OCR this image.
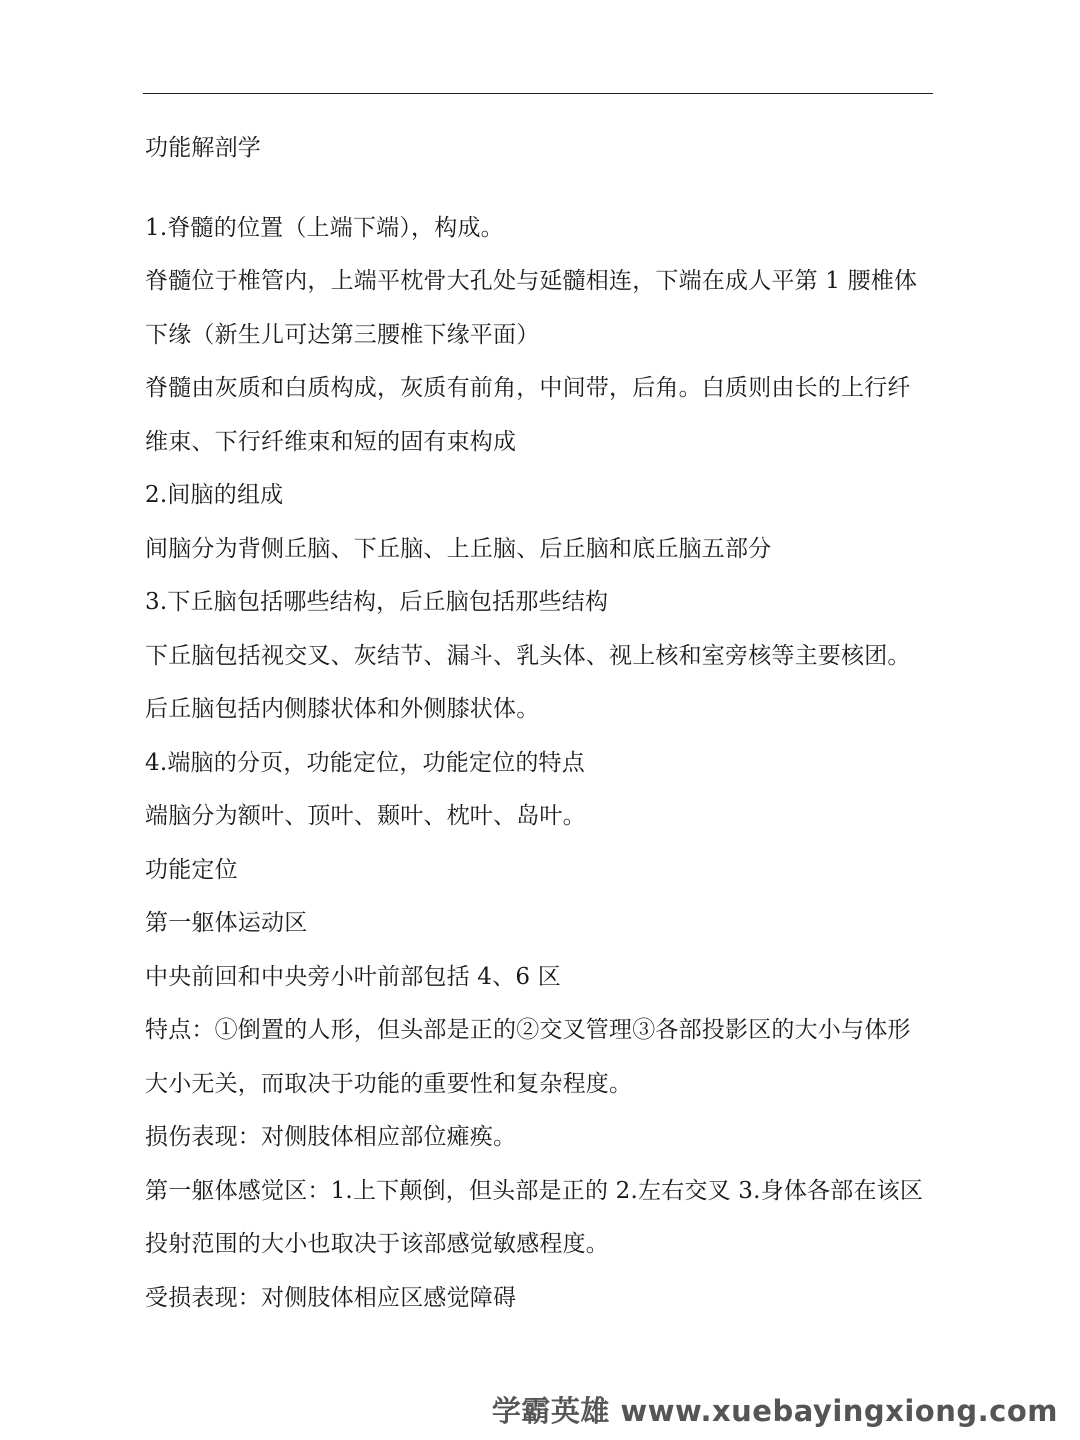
功能解剖学
1.脊髓的位置（上端下端），构成。
脊髓位于椎管内，上端平枕骨大孔处与延髓相连，下端在成人平第 1 腰椎体
下缘（新生儿可达第三腰椎下缘平面）
脊髓由灰质和白质构成，灰质有前角，中间带，后角。白质则由长的上行纤
维束、下行纤维束和短的固有束构成
2.间脑的组成
间脑分为背侧丘脑、下丘脑、上丘脑、后丘脑和底丘脑五部分
3.下丘脑包括哪些结构，后丘脑包括那些结构
下丘脑包括视交叉、灰结节、漏斗、乳头体、视上核和室旁核等主要核团。
后丘脑包括内侧膝状体和外侧膝状体。
4.端脑的分页，功能定位，功能定位的特点
端脑分为额叶、顶叶、颞叶、枕叶、岛叶。
功能定位
第一躯体运动区
中央前回和中央旁小叶前部包括 4、6 区
特点：①倒置的人形，但头部是正的②交叉管理③各部投影区的大小与体形
大小无关，而取决于功能的重要性和复杂程度。
损伤表现：对侧肢体相应部位瘫痪。
第一躯体感觉区：1.上下颠倒，但头部是正的 2.左右交叉 3.身体各部在该区
投射范围的大小也取决于该部感觉敏感程度。
受损表现：对侧肢体相应区感觉障碍
学霸英雄 www.xuebayingxiong.com
